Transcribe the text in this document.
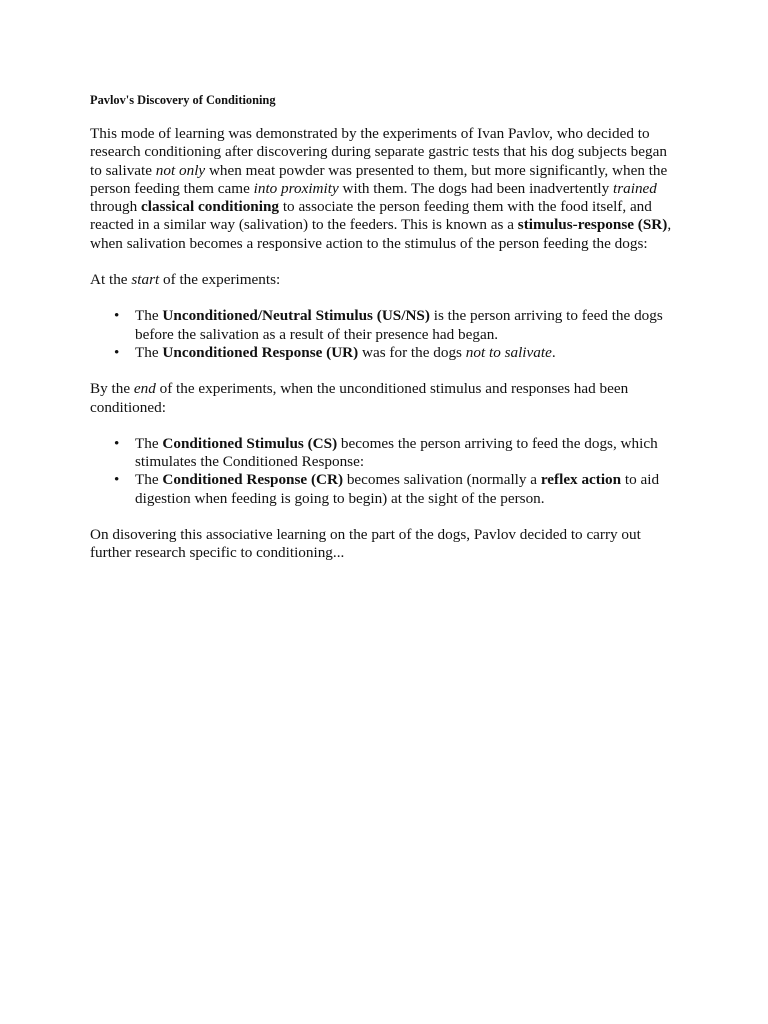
Pavlov's Discovery of Conditioning

This mode of learning was demonstrated by the experiments of Ivan Pavlov, who decided to
research conditioning after discovering during separate gastric tests that his dog subjects began
to salivate not only when meat powder was presented to them, but more significantly, when the
person feeding them came into proximity with them. The dogs had been inadvertently trained
through classical conditioning to associate the person feeding them with the food itself, and
reacted in a similar way (salivation) to the feeders. This is known as a stimulus-response (SR),
when salivation becomes a responsive action to the stimulus of the person feeding the dogs:

At the start of the experiments:

• The Unconditioned/Neutral Stimulus (US/NS) is the person arriving to feed the dogs
before the salivation as a result of their presence had began.
• The Unconditioned Response (UR) was for the dogs not to salivate.

By the end of the experiments, when the unconditioned stimulus and responses had been
conditioned:

• The Conditioned Stimulus (CS) becomes the person arriving to feed the dogs, which
stimulates the Conditioned Response:
• The Conditioned Response (CR) becomes salivation (normally a reflex action to aid
digestion when feeding is going to begin) at the sight of the person.

On disovering this associative learning on the part of the dogs, Pavlov decided to carry out
further research specific to conditioning...
